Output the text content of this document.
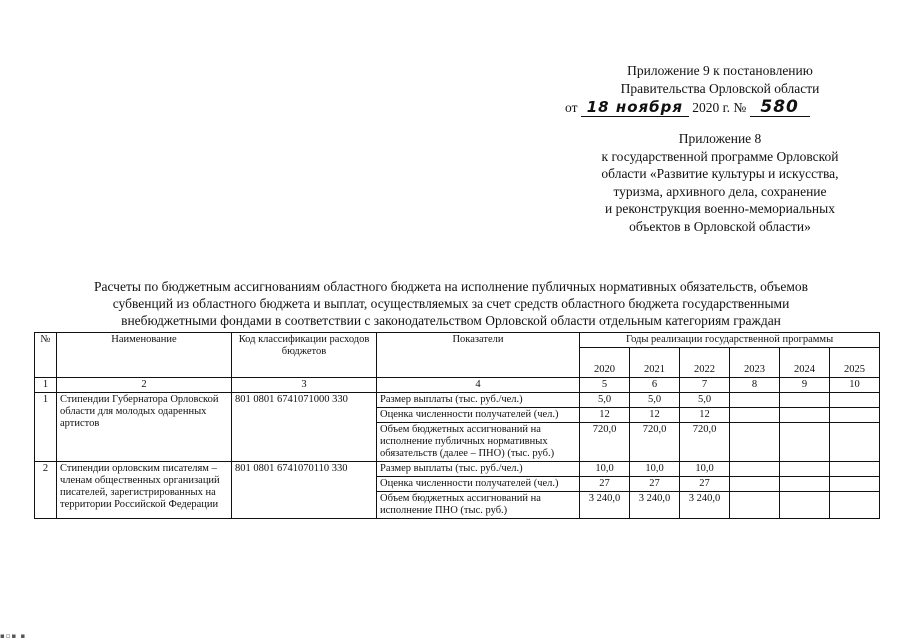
Приложение 9 к постановлению
Правительства Орловской области
от 18 ноября 2020 г. № 580
Приложение 8
к государственной программе Орловской
области «Развитие культуры и искусства,
туризма, архивного дела, сохранение
и реконструкция военно-мемориальных
объектов в Орловской области»
Расчеты по бюджетным ассигнованиям областного бюджета на исполнение публичных нормативных обязательств, объемов
субвенций из областного бюджета и выплат, осуществляемых за счет средств областного бюджета государственными
внебюджетными фондами в соответствии с законодательством Орловской области отдельным категориям граждан
№	Наименование	Код классификации расходов бюджетов	Показатели	Годы реализации государственной программы					
				2020	2021	2022	2023	2024	2025
1	2	3	4	5	6	7	8	9	10
1	Стипендии Губернатора Орловской области для молодых одаренных артистов	801 0801 6741071000 330	Размер выплаты (тыс. руб./чел.)	5,0	5,0	5,0			
			Оценка численности получателей (чел.)	12	12	12			
			Объем бюджетных ассигнований на исполнение публичных нормативных обязательств (далее – ПНО) (тыс. руб.)	720,0	720,0	720,0			
2	Стипендии орловским писателям – членам общественных организаций писателей, зарегистрированных на территории Российской Федерации	801 0801 6741070110 330	Размер выплаты (тыс. руб./чел.)	10,0	10,0	10,0			
			Оценка численности получателей (чел.)	27	27	27			
			Объем бюджетных ассигнований на исполнение ПНО (тыс. руб.)	3 240,0	3 240,0	3 240,0			
▪▫▪ ▪
